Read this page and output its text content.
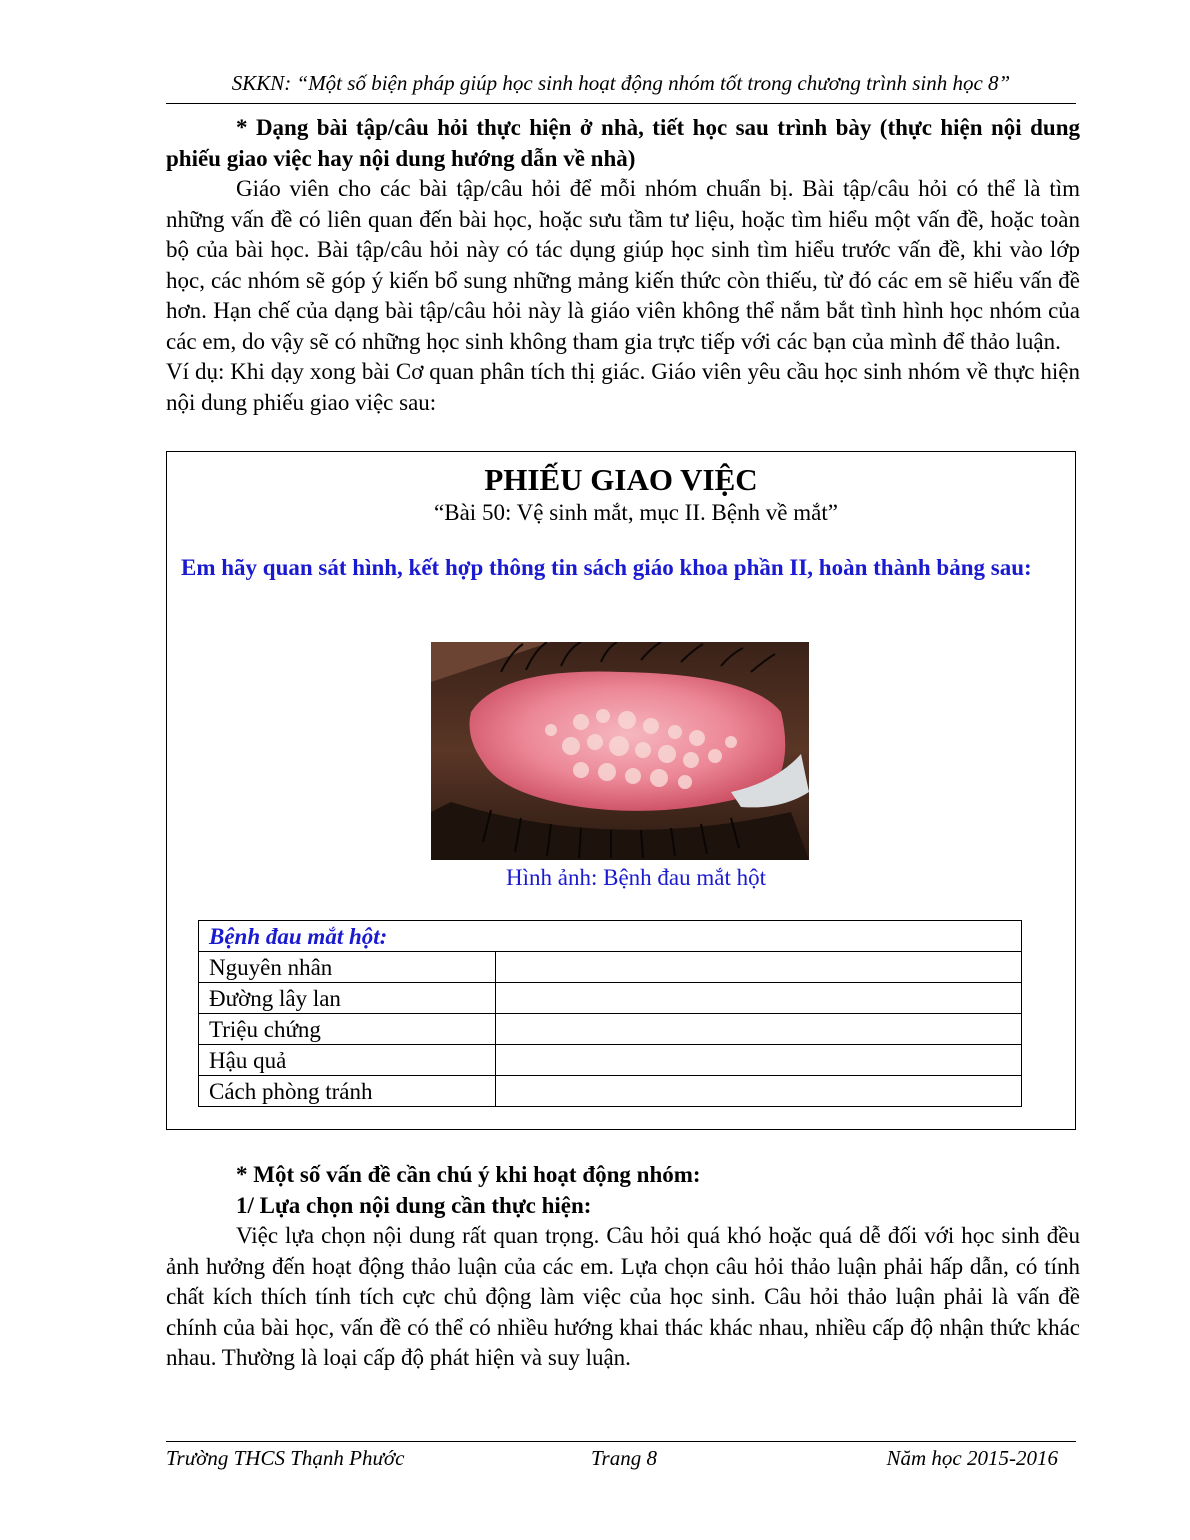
SKKN: “Một số biện pháp giúp học sinh hoạt động nhóm tốt trong chương trình sinh học 8”

* Dạng bài tập/câu hỏi thực hiện ở nhà, tiết học sau trình bày (thực hiện nội dung phiếu giao việc hay nội dung hướng dẫn về nhà)

Giáo viên cho các bài tập/câu hỏi để mỗi nhóm chuẩn bị. Bài tập/câu hỏi có thể là tìm những vấn đề có liên quan đến bài học, hoặc sưu tầm tư liệu, hoặc tìm hiểu một vấn đề, hoặc toàn bộ của bài học. Bài tập/câu hỏi này có tác dụng giúp học sinh tìm hiểu trước vấn đề, khi vào lớp học, các nhóm sẽ góp ý kiến bổ sung những mảng kiến thức còn thiếu, từ đó các em sẽ hiểu vấn đề hơn. Hạn chế của dạng bài tập/câu hỏi này là giáo viên không thể nắm bắt tình hình học nhóm của các em, do vậy sẽ có những học sinh không tham gia trực tiếp với các bạn của mình để thảo luận.

Ví dụ: Khi dạy xong bài Cơ quan phân tích thị giác. Giáo viên yêu cầu học sinh nhóm về thực hiện nội dung phiếu giao việc sau:

PHIẾU GIAO VIỆC
“Bài 50: Vệ sinh mắt, mục II. Bệnh về mắt”
Em hãy quan sát hình, kết hợp thông tin sách giáo khoa phần II, hoàn thành bảng sau:
Hình ảnh: Bệnh đau mắt hột
Bệnh đau mắt hột:	
Nguyên nhân	
Đường lây lan	
Triệu chứng	
Hậu quả	
Cách phòng tránh	

* Một số vấn đề cần chú ý khi hoạt động nhóm:

1/ Lựa chọn nội dung cần thực hiện:

Việc lựa chọn nội dung rất quan trọng. Câu hỏi quá khó hoặc quá dễ đối với học sinh đều ảnh hưởng đến hoạt động thảo luận của các em. Lựa chọn câu hỏi thảo luận phải hấp dẫn, có tính chất kích thích tính tích cực chủ động làm việc của học sinh. Câu hỏi thảo luận phải là vấn đề chính của bài học, vấn đề có thể có nhiều hướng khai thác khác nhau, nhiều cấp độ nhận thức khác nhau. Thường là loại cấp độ phát hiện và suy luận.

Trường THCS Thạnh Phước	Trang 8	Năm học 2015-2016
